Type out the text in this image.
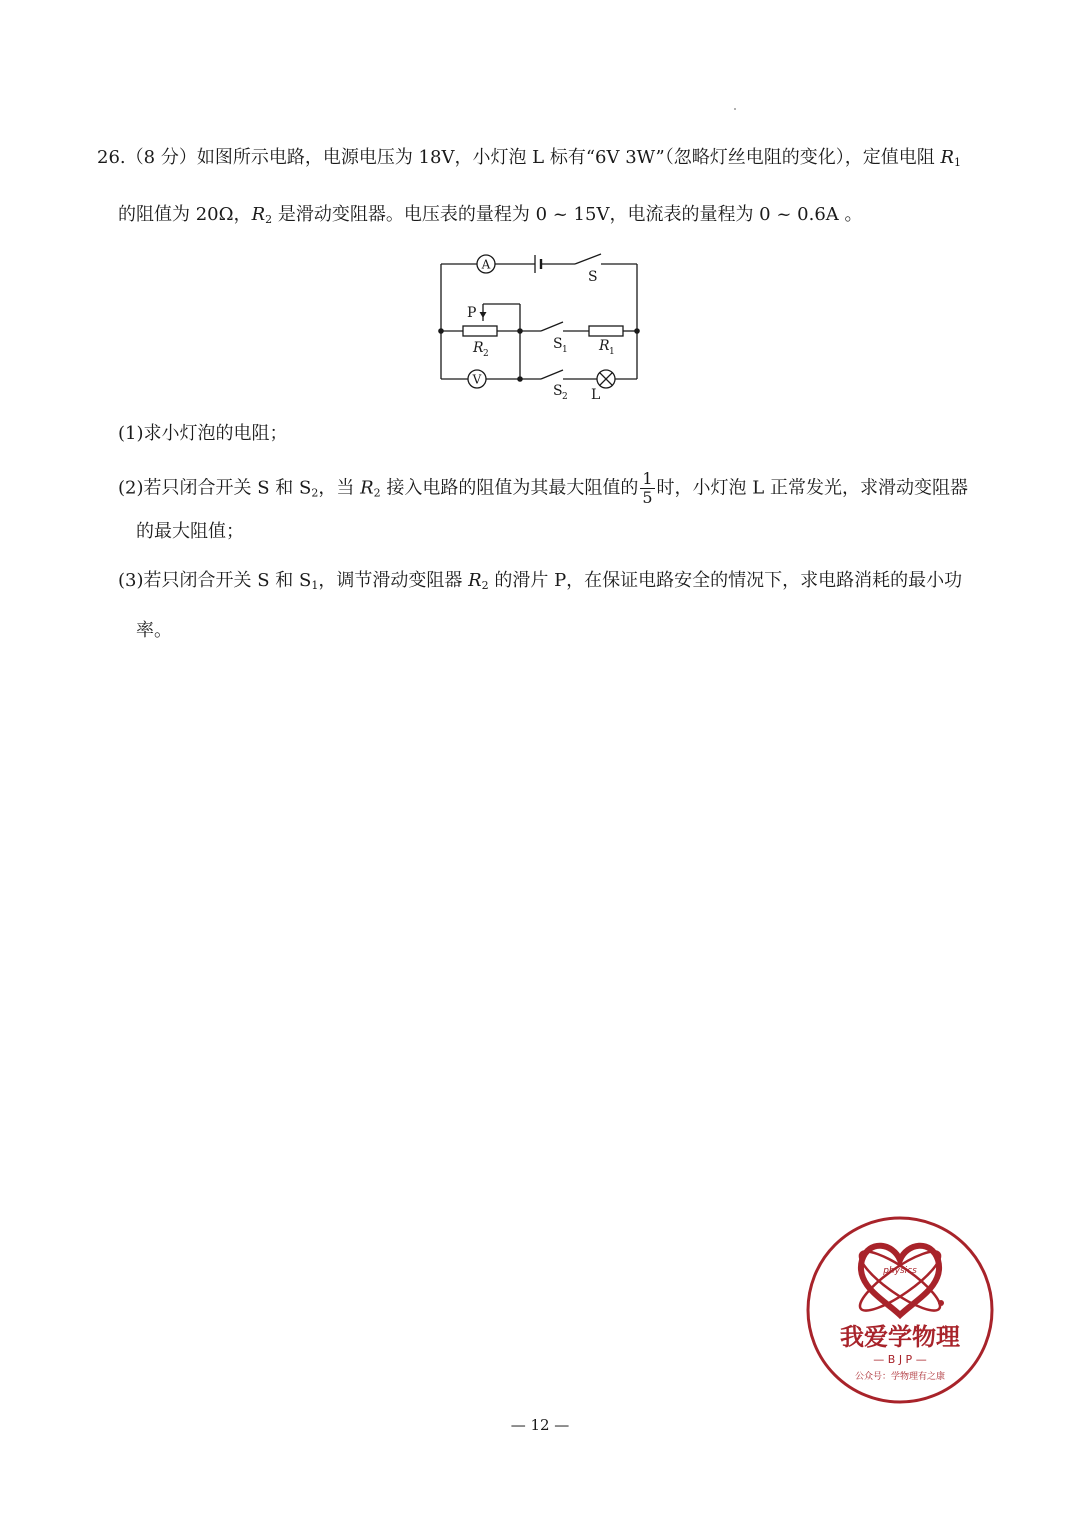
26.（8 分）如图所示电路，电源电压为 18V，小灯泡 L 标有“6V 3W”（忽略灯丝电阻的变化），定值电阻 $R_1$
的阻值为 20Ω，$R_2$ 是滑动变阻器。电压表的量程为 0 ~ 15V，电流表的量程为 0 ~ 0.6A 。
A
V
S
P
R 2
S 1 R 1
S 2 L
(1)求小灯泡的电阻；
(2)若只闭合开关 S 和 $S_2$，当 $R_2$ 接入电路的阻值为其最大阻值的 $\frac{1}{5}$ 时，小灯泡 L 正常发光，求滑动变阻器
的最大阻值；
(3)若只闭合开关 S 和 $S_1$，调节滑动变阻器 $R_2$ 的滑片 P，在保证电路安全的情况下，求电路消耗的最小功
率。
physics
我爱学物理
— B J P —
公众号：学物理有之康
— 12 —
